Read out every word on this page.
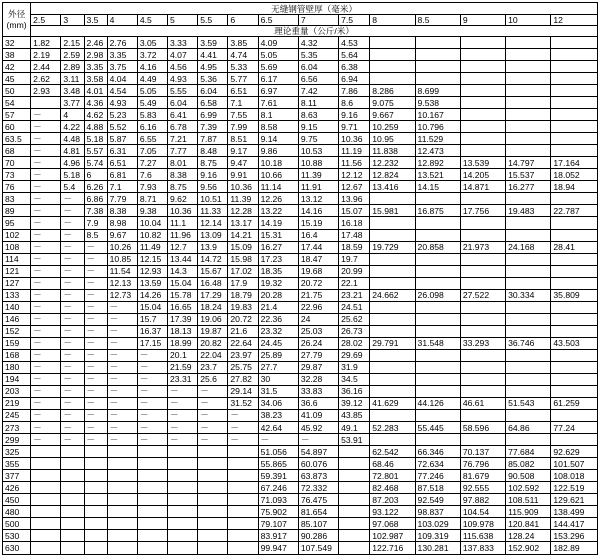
外径
(mm)	无缝钢管壁厚（毫米）															
	2.5	3	3.5	4	4.5	5	5.5	6	6.5	7	7.5	8	8.5	9	10	12
	理论重量（公斤/米）															
32	1.82	2.15	2.46	2.76	3.05	3.33	3.59	3.85	4.09	4.32	4.53					
38	2.19	2.59	2.98	3.35	3.72	4.07	4.41	4.74	5.05	5.35	5.64					
42	2.44	2.89	3.35	3.75	4.16	4.56	4.95	5.33	5.69	6.04	6.38					
45	2.62	3.11	3.58	4.04	4.49	4.93	5.36	5.77	6.17	6.56	6.94					
50	2.93	3.48	4.01	4.54	5.05	5.55	6.04	6.51	6.97	7.42	7.86	8.286	8.699			
54		3.77	4.36	4.93	5.49	6.04	6.58	7.1	7.61	8.11	8.6	9.075	9.538			
57	－	4	4.62	5.23	5.83	6.41	6.99	7.55	8.1	8.63	9.16	9.667	10.167			
60	－	4.22	4.88	5.52	6.16	6.78	7.39	7.99	8.58	9.15	9.71	10.259	10.796			
63.5	－	4.48	5.18	5.87	6.55	7.21	7.87	8.51	9.14	9.75	10.36	10.95	11.529			
68	－	4.81	5.57	6.31	7.05	7.77	8.48	9.17	9.86	10.53	11.19	11.838	12.473			
70	－	4.96	5.74	6.51	7.27	8.01	8.75	9.47	10.18	10.88	11.56	12.232	12.892	13.539	14.797	17.164
73	－	5.18	6	6.81	7.6	8.38	9.16	9.91	10.66	11.39	12.12	12.824	13.521	14.205	15.537	18.052
76	－	5.4	6.26	7.1	7.93	8.75	9.56	10.36	11.14	11.91	12.67	13.416	14.15	14.871	16.277	18.94
83	－	－	6.86	7.79	8.71	9.62	10.51	11.39	12.26	13.12	13.96					
89	－	－	7.38	8.38	9.38	10.36	11.33	12.28	13.22	14.16	15.07	15.981	16.875	17.756	19.483	22.787
95	－	－	7.9	8.98	10.04	11.1	12.14	13.17	14.19	15.19	16.18					
102	－	－	8.5	9.67	10.82	11.96	13.09	14.21	15.31	16.4	17.48					
108	－	－	－	10.26	11.49	12.7	13.9	15.09	16.27	17.44	18.59	19.729	20.858	21.973	24.168	28.41
114	－	－	－	10.85	12.15	13.44	14.72	15.98	17.23	18.47	19.7					
121	－	－	－	11.54	12.93	14.3	15.67	17.02	18.35	19.68	20.99					
127	－	－	－	12.13	13.59	15.04	16.48	17.9	19.32	20.72	22.1					
133	－	－	－	12.73	14.26	15.78	17.29	18.79	20.28	21.75	23.21	24.662	26.098	27.522	30.334	35.809
140	－	－	－	－	15.04	16.65	18.24	19.83	21.4	22.96	24.51					
146	－	－	－	－	15.7	17.39	19.06	20.72	22.36	24	25.62					
152	－	－	－	－	16.37	18.13	19.87	21.6	23.32	25.03	26.73					
159	－	－	－	－	17.15	18.99	20.82	22.64	24.45	26.24	28.02	29.791	31.548	33.293	36.746	43.503
168	－	－	－	－	－	20.1	22.04	23.97	25.89	27.79	29.69					
180	－	－	－	－	－	21.59	23.7	25.75	27.7	29.87	31.9					
194	－	－	－	－	－	23.31	25.6	27.82	30	32.28	34.5					
203	－	－	－	－	－	－	－	29.14	31.5	33.83	36.16					
219	－	－	－	－	－	－	－	31.52	34.06	36.6	39.12	41.629	44.126	46.61	51.543	61.259
245	－	－	－	－	－	－	－	－	38.23	41.09	43.85					
273	－	－	－	－	－	－	－	－	42.64	45.92	49.1	52.283	55.445	58.596	64.86	77.24
299	－	－	－	－	－	－	－	－	－	－	53.91					
325									51.056	54.897		62.542	66.346	70.137	77.684	92.629
355									55.865	60.076		68.46	72.634	76.796	85.082	101.507
377									59.391	63.873		72.801	77.246	81.679	90.508	108.018
426									67.246	72.332		82.468	87.518	92.555	102.592	122.519
450									71.093	76.475		87.203	92.549	97.882	108.511	129.621
480									75.902	81.654		93.122	98.837	104.54	115.909	138.499
500									79.107	85.107		97.068	103.029	109.978	120.841	144.417
530									83.917	90.286		102.987	109.319	115.638	128.24	153.296
630									99.947	107.549		122.716	130.281	137.833	152.902	182.89
